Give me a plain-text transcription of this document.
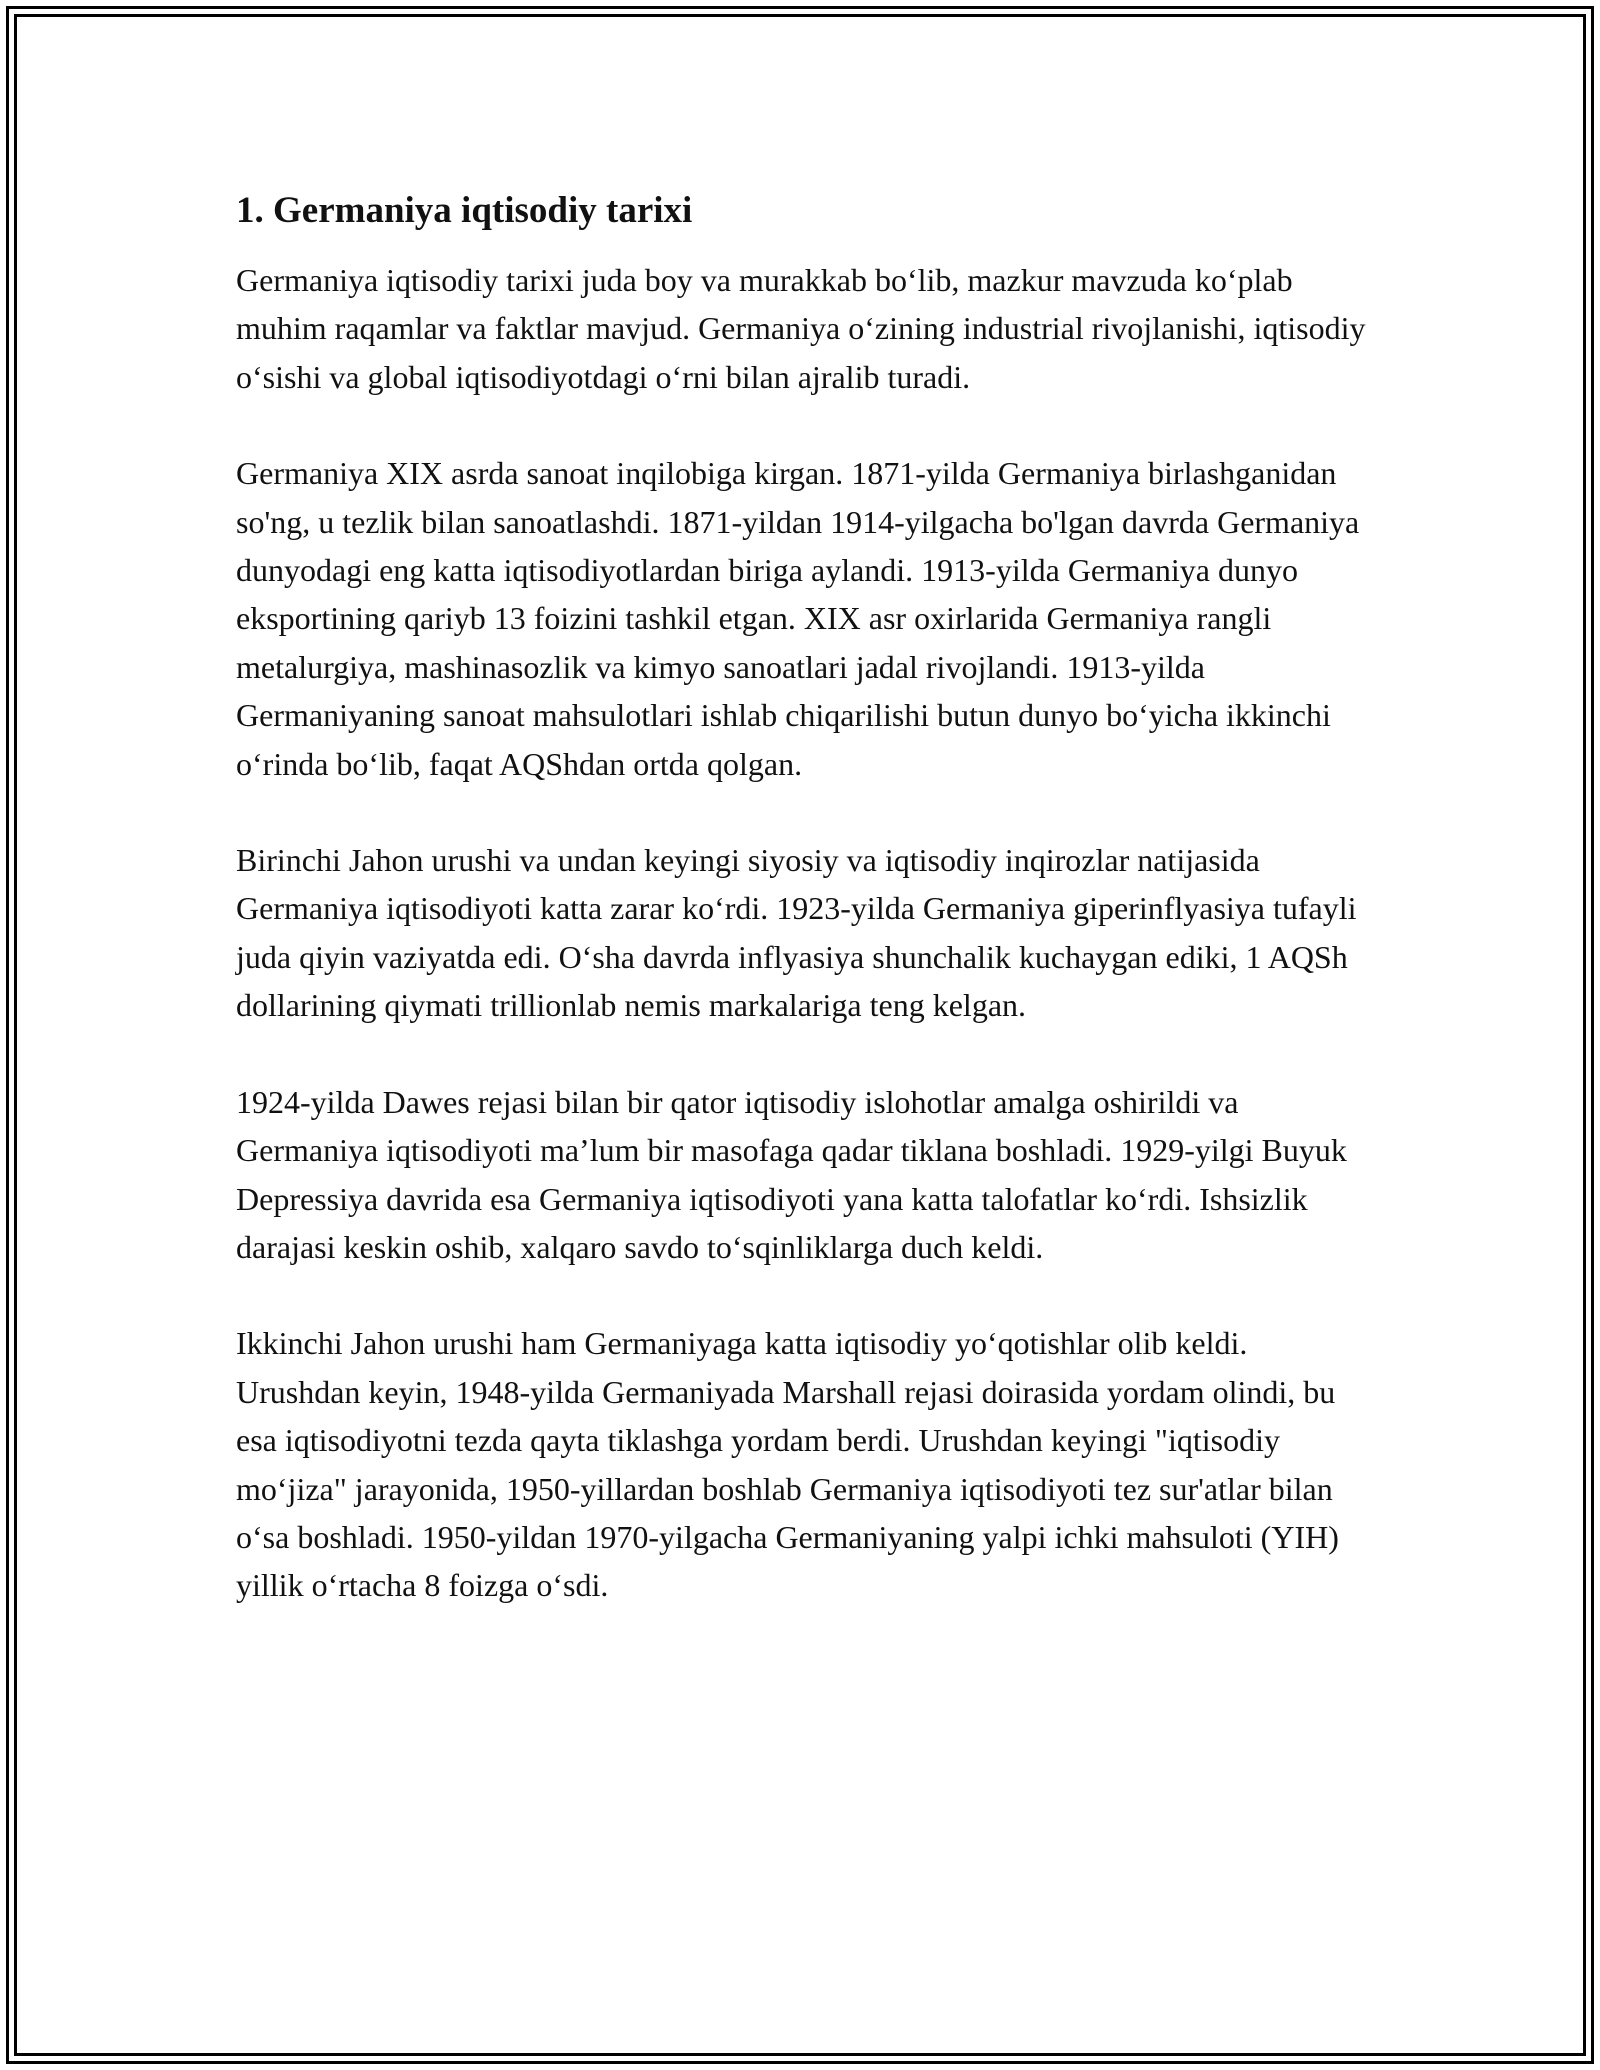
1. Germaniya iqtisodiy tarixi

Germaniya iqtisodiy tarixi juda boy va murakkab bo‘lib, mazkur mavzuda ko‘plab muhim raqamlar va faktlar mavjud. Germaniya o‘zining industrial rivojlanishi, iqtisodiy o‘sishi va global iqtisodiyotdagi o‘rni bilan ajralib turadi.

Germaniya XIX asrda sanoat inqilobiga kirgan. 1871-yilda Germaniya birlashganidan so'ng, u tezlik bilan sanoatlashdi. 1871-yildan 1914-yilgacha bo'lgan davrda Germaniya dunyodagi eng katta iqtisodiyotlardan biriga aylandi. 1913-yilda Germaniya dunyo eksportining qariyb 13 foizini tashkil etgan. XIX asr oxirlarida Germaniya rangli metalurgiya, mashinasozlik va kimyo sanoatlari jadal rivojlandi. 1913-yilda Germaniyaning sanoat mahsulotlari ishlab chiqarilishi butun dunyo bo‘yicha ikkinchi o‘rinda bo‘lib, faqat AQShdan ortda qolgan.

Birinchi Jahon urushi va undan keyingi siyosiy va iqtisodiy inqirozlar natijasida Germaniya iqtisodiyoti katta zarar ko‘rdi. 1923-yilda Germaniya giperinflyasiya tufayli juda qiyin vaziyatda edi. O‘sha davrda inflyasiya shunchalik kuchaygan ediki, 1 AQSh dollarining qiymati trillionlab nemis markalariga teng kelgan.

1924-yilda Dawes rejasi bilan bir qator iqtisodiy islohotlar amalga oshirildi va Germaniya iqtisodiyoti ma’lum bir masofaga qadar tiklana boshladi. 1929-yilgi Buyuk Depressiya davrida esa Germaniya iqtisodiyoti yana katta talofatlar ko‘rdi. Ishsizlik darajasi keskin oshib, xalqaro savdo to‘sqinliklarga duch keldi.

Ikkinchi Jahon urushi ham Germaniyaga katta iqtisodiy yo‘qotishlar olib keldi. Urushdan keyin, 1948-yilda Germaniyada Marshall rejasi doirasida yordam olindi, bu esa iqtisodiyotni tezda qayta tiklashga yordam berdi. Urushdan keyingi "iqtisodiy mo‘jiza" jarayonida, 1950-yillardan boshlab Germaniya iqtisodiyoti tez sur'atlar bilan o‘sa boshladi. 1950-yildan 1970-yilgacha Germaniyaning yalpi ichki mahsuloti (YIH) yillik o‘rtacha 8 foizga o‘sdi.
